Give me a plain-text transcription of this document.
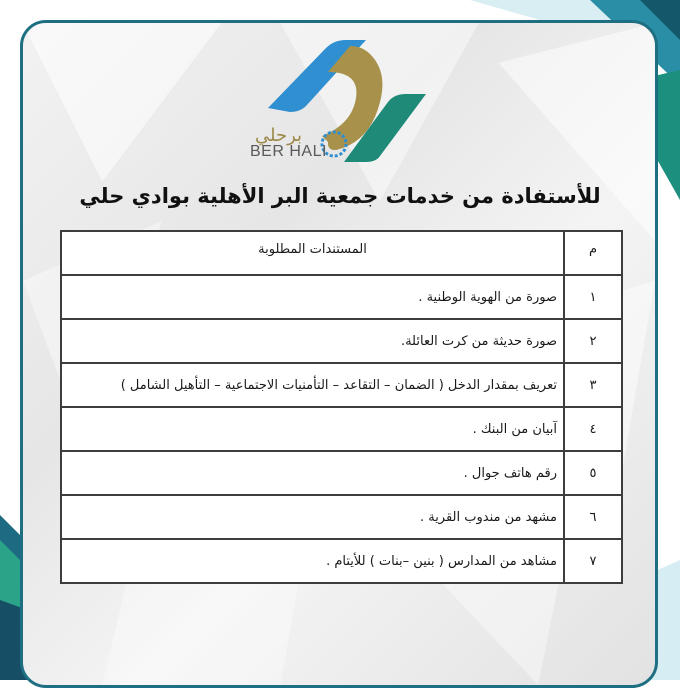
برحلي
BER HALI
للأستفادة من خدمات جمعية البر الأهلية بوادي حلي
م	المستندات المطلوبة
١	صورة من الهوية الوطنية .
٢	صورة حديثة من كرت العائلة.
٣	تعريف بمقدار الدخل ( الضمان – التقاعد – التأمنيات الاجتماعية – التأهيل الشامل )
٤	آبيان من البنك .
٥	رقم هاتف جوال .
٦	مشهد من مندوب القرية .
٧	مشاهد من المدارس ( بنين –بنات ) للأيتام .
